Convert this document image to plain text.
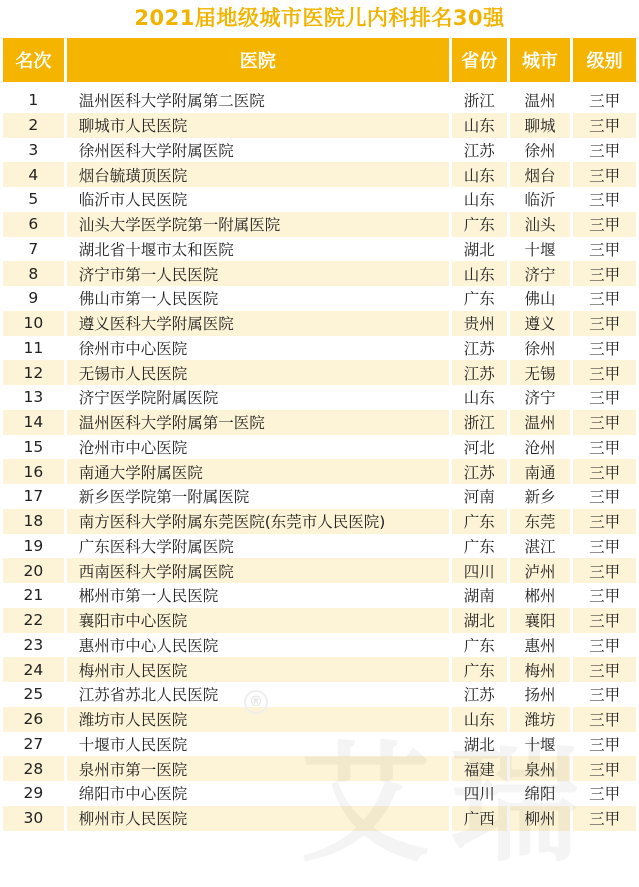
2021届地级城市医院儿内科排名30强
名次	医院	省份	城市	级别
1	温州医科大学附属第二医院	浙江	温州	三甲
2	聊城市人民医院	山东	聊城	三甲
3	徐州医科大学附属医院	江苏	徐州	三甲
4	烟台毓璜顶医院	山东	烟台	三甲
5	临沂市人民医院	山东	临沂	三甲
6	汕头大学医学院第一附属医院	广东	汕头	三甲
7	湖北省十堰市太和医院	湖北	十堰	三甲
8	济宁市第一人民医院	山东	济宁	三甲
9	佛山市第一人民医院	广东	佛山	三甲
10	遵义医科大学附属医院	贵州	遵义	三甲
11	徐州市中心医院	江苏	徐州	三甲
12	无锡市人民医院	江苏	无锡	三甲
13	济宁医学院附属医院	山东	济宁	三甲
14	温州医科大学附属第一医院	浙江	温州	三甲
15	沧州市中心医院	河北	沧州	三甲
16	南通大学附属医院	江苏	南通	三甲
17	新乡医学院第一附属医院	河南	新乡	三甲
18	南方医科大学附属东莞医院(东莞市人民医院)	广东	东莞	三甲
19	广东医科大学附属医院	广东	湛江	三甲
20	西南医科大学附属医院	四川	泸州	三甲
21	郴州市第一人民医院	湖南	郴州	三甲
22	襄阳市中心医院	湖北	襄阳	三甲
23	惠州市中心人民医院	广东	惠州	三甲
24	梅州市人民医院	广东	梅州	三甲
25	江苏省苏北人民医院	江苏	扬州	三甲
26	潍坊市人民医院	山东	潍坊	三甲
27	十堰市人民医院	湖北	十堰	三甲
28	泉州市第一医院	福建	泉州	三甲
29	绵阳市中心医院	四川	绵阳	三甲
30	柳州市人民医院	广西	柳州	三甲
®
